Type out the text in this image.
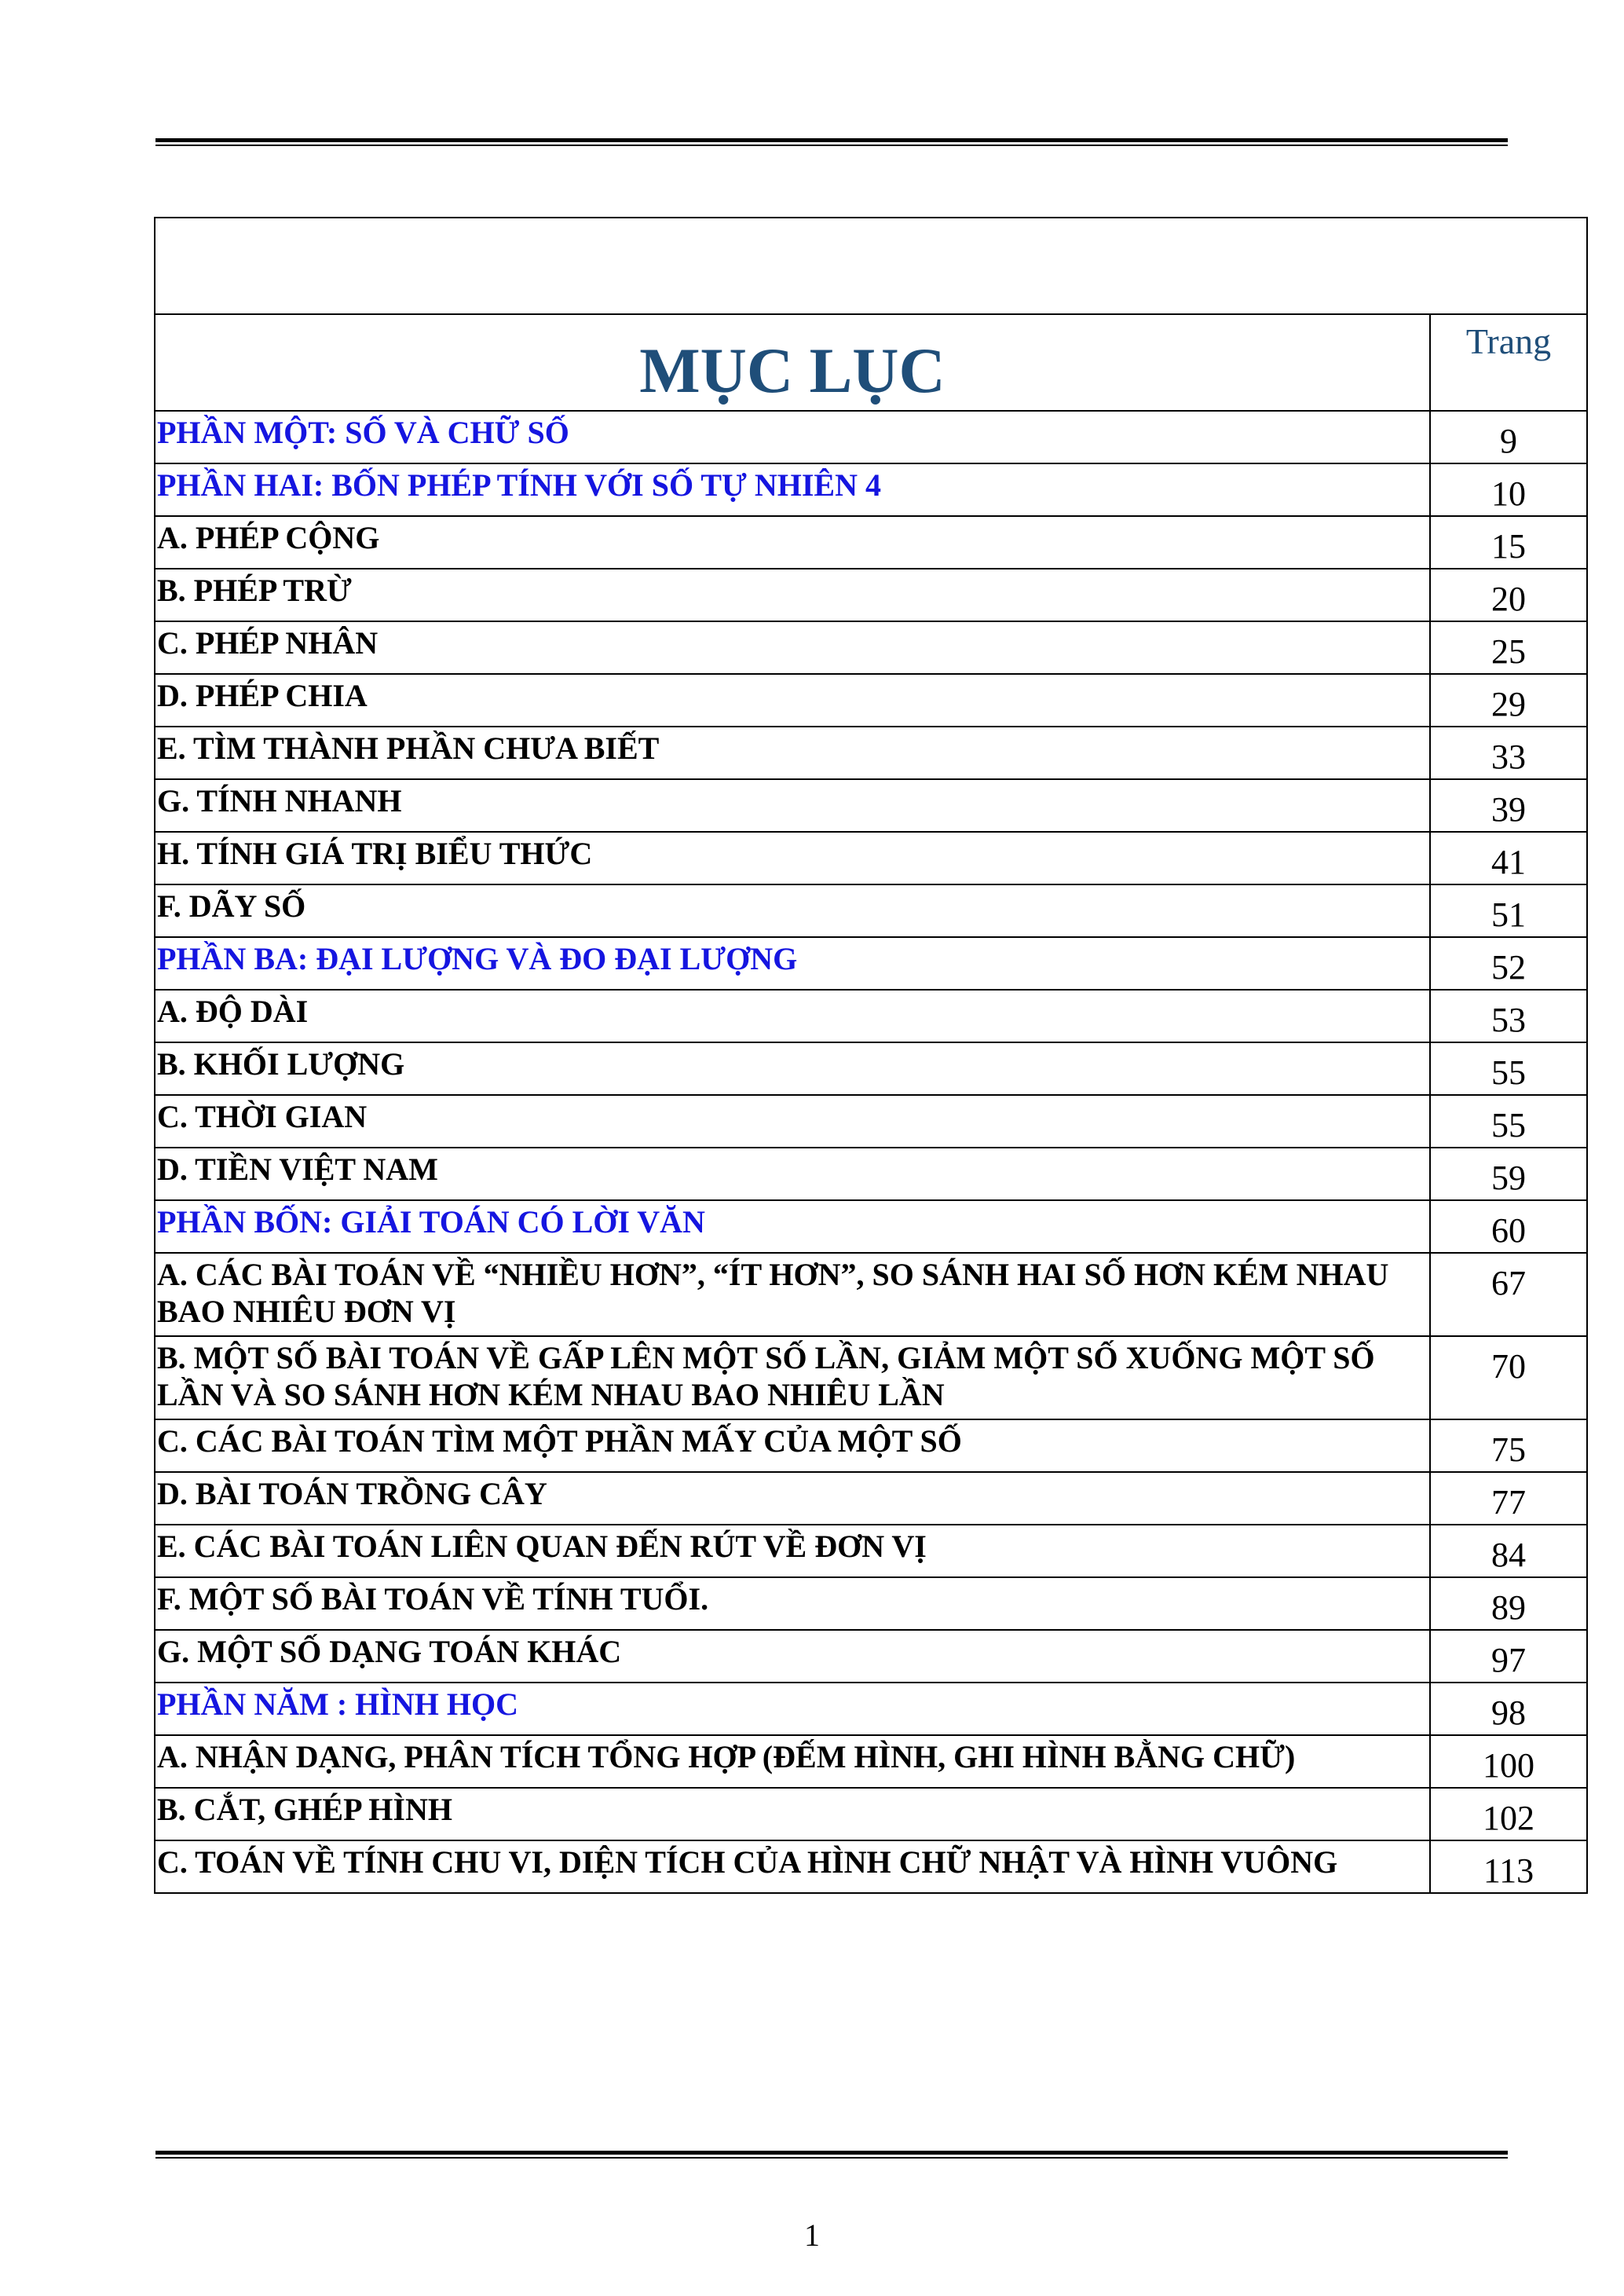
MỤC LỤC	Trang

PHẦN MỘT: SỐ VÀ CHỮ SỐ	9

PHẦN HAI: BỐN PHÉP TÍNH VỚI SỐ TỰ NHIÊN 4	10

A. PHÉP CỘNG	15

B. PHÉP TRỪ	20

C. PHÉP NHÂN	25

D. PHÉP CHIA	29

E. TÌM THÀNH PHẦN CHƯA BIẾT	33

G. TÍNH NHANH	39

H. TÍNH GIÁ TRỊ BIỂU THỨC	41

F. DÃY SỐ	51

PHẦN BA: ĐẠI LƯỢNG VÀ ĐO ĐẠI LƯỢNG	52

A. ĐỘ DÀI	53

B. KHỐI LƯỢNG	55

C. THỜI GIAN	55

D. TIỀN VIỆT NAM	59

PHẦN BỐN: GIẢI TOÁN CÓ LỜI VĂN	60

A. CÁC BÀI TOÁN VỀ “NHIỀU HƠN”, “ÍT HƠN”, SO SÁNH HAI SỐ HƠN KÉM NHAU BAO NHIÊU ĐƠN VỊ	67

B. MỘT SỐ BÀI TOÁN VỀ GẤP LÊN MỘT SỐ LẦN, GIẢM MỘT SỐ XUỐNG MỘT SỐ LẦN VÀ SO SÁNH HƠN KÉM NHAU BAO NHIÊU LẦN	70

C. CÁC BÀI TOÁN TÌM MỘT PHẦN MẤY CỦA MỘT SỐ	75

D. BÀI TOÁN TRỒNG CÂY	77

E. CÁC BÀI TOÁN LIÊN QUAN ĐẾN RÚT VỀ ĐƠN VỊ	84

F. MỘT SỐ BÀI TOÁN VỀ TÍNH TUỔI.	89

G. MỘT SỐ DẠNG TOÁN KHÁC	97

PHẦN NĂM : HÌNH HỌC	98

A. NHẬN DẠNG, PHÂN TÍCH TỔNG HỢP (ĐẾM HÌNH, GHI HÌNH BẰNG CHỮ)	100

B. CẮT, GHÉP HÌNH	102

C. TOÁN VỀ TÍNH CHU VI, DIỆN TÍCH CỦA HÌNH CHỮ NHẬT VÀ HÌNH VUÔNG	113
1
